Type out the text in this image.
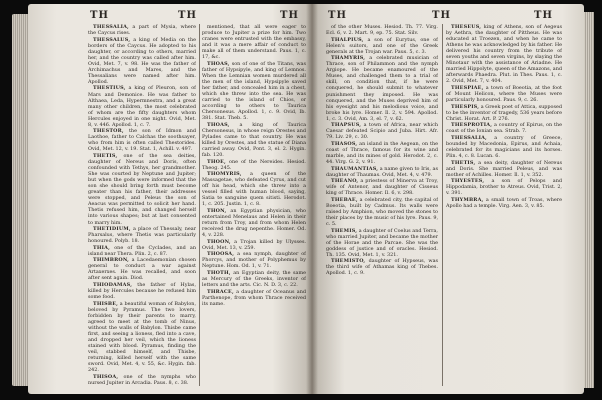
TH	TH	TH

THESSALIA, a part of Mysia, where the Caycus rises.

THESSALUS, a king of Media on the borders of the Caycus. He adopted to his daughter, or according to others, married her, and the country was called after him. Ovid, Met. 7, v. 98. He was the father of Archimachus and Mares, and the Thessalians were named after him. Apollod.

THESTIUS, a king of Pleuron, son of Mars and Demonice. He was father to Althaea, Leda, Hypermnestra, and a great many other children, the most celebrated of whom are the fifty daughters whom Hercules enjoyed in one night. Ovid, Met. 8, v. 446. Apollod. 1, c. 7.

THESTOR, the son of Idmon and Laothoe, father to Calchas the soothsayer, who from him is often called Thestorides. Ovid, Met. 12, v. 19. Stat. 1, Achill. v. 497.

THETIS, one of the sea deities, daughter of Nereus and Doris, often confounded with Tethys, her grandmother. She was courted by Neptune and Jupiter; but when the gods were informed that the son she should bring forth must become greater than his father, their addresses were stopped, and Peleus the son of Aeacus was permitted to solicit her hand. Thetis refused him, and changed herself into various shapes; but at last consented to marry him.

THETIDIUM, a place of Thessaly, near Pharsalus, where Thetis was particularly honoured. Polyb. 18.

THIA, one of the Cyclades, and an island near Thera. Plin. 2, c. 87.

THIMBRON, a Lacedaemonian chosen general to conduct a war against Artaxerxes. He was recalled, and soon after sent again. Diod.

THIODAMAS, the father of Hylas, killed by Hercules because he refused him some food.

THISBE, a beautiful woman of Babylon, beloved by Pyramus. The two lovers, forbidden by their parents to marry, agreed to meet at the tomb of Ninus, without the walls of Babylon. Thisbe came first, and seeing a lioness, fled into a cave, and dropped her veil, which the lioness stained with blood. Pyramus, finding the veil, stabbed himself, and Thisbe, returning, killed herself with the same sword. Ovid, Met. 4, v. 55, &c. Hygin. fab. 242.

THISOA, one of the nymphs who nursed Jupiter in Arcadia. Paus. 8, c. 38.

mentioned, that all were eager to produce to Jupiter a prize for him. Two cranes were entrusted with the embassy, and it was a mere affair of conduct to make all of them understand. Paus. 1, c. 17, &c.

THOAS, son of one of the Titans, was father of Hypsipyle, and king of Lemnos. When the Lemnian women murdered all the men of the island, Hypsipyle saved her father, and concealed him in a chest, which she threw into the sea. He was carried to the island of Chios, or according to others to Taurica Chersonesus. Apollod. 1, c. 9. Ovid, Ib. 381. Stat. Theb. 5.

THOAS, a king of Taurica Chersonesus, in whose reign Orestes and Pylades came to that country. He was killed by Orestes, and the statue of Diana carried away. Ovid, Pont. 3, el. 2. Hygin. fab. 120.

THOE, one of the Nereides. Hesiod. Theog. 245.

THOMYRIS, a queen of the Massagetae, who defeated Cyrus, and cut off his head, which she threw into a vessel filled with human blood, saying, Satia te sanguine quem sitisti. Herodot. 1, c. 205. Justin. 1, c. 8.

THON, an Egyptian physician, who entertained Menelaus and Helen in their return from Troy, and from whom Helen received the drug nepenthe. Homer. Od. 4, v. 228.

THOON, a Trojan killed by Ulysses. Ovid, Met. 13, v. 259.

THOOSA, a sea nymph, daughter of Phorcys, and mother of Polyphemus by Neptune. Hom. Od. 1, v. 71.

THOTH, an Egyptian deity, the same as Mercury of the Greeks, inventor of letters and the arts. Cic. N. D. 3, c. 22.

THRACE, a daughter of Oceanus and Parthenope, from whom Thrace received its name.

TH	TH	TH

of the other Muses. Hesiod. Th. 77. Virg. Ecl. 6, v. 2. Mart. 9, ep. 75. Stat. Silv.

THALPIUS, a son of Eurytus, one of Helen's suitors, and one of the Greek generals at the Trojan war. Paus. 5, c. 3.

THAMYRIS, a celebrated musician of Thrace, son of Philammon and the nymph Argiope. He became enamoured of the Muses, and challenged them to a trial of skill, on condition that, if he were conquered, he should submit to whatever punishment they imposed. He was conquered, and the Muses deprived him of his eyesight and his melodious voice, and broke his lyre. Homer. Il. 2, v. 594. Apollod. 1, c. 3. Ovid, Am. 3, el. 7, v. 62.

THAPSUS, a town of Africa, near which Caesar defeated Scipio and Juba. Hirt. Afr. 79. Liv. 29, c. 30.

THASOS, an island in the Aegean, on the coast of Thrace, famous for its wine and marble, and its mines of gold. Herodot. 2, c. 44. Virg. G. 2, v. 91.

THAUMANTIAS, a name given to Iris, as daughter of Thaumas. Ovid, Met. 4, v. 479.

THEANO, a priestess of Minerva at Troy, wife of Antenor, and daughter of Cisseus king of Thrace. Homer. Il. 6, v. 298.

THEBAE, a celebrated city, the capital of Boeotia, built by Cadmus. Its walls were raised by Amphion, who moved the stones to their places by the music of his lyre. Paus. 9, c. 5.

THEMIS, a daughter of Coelus and Terra, who married Jupiter, and became the mother of the Horae and the Parcae. She was the goddess of justice and of oracles. Hesiod. Th. 135. Ovid, Met. 1, v. 321.

THEMISTO, daughter of Hypseus, was the third wife of Athamas king of Thebes. Apollod. 1, c. 9.

THESEUS, king of Athens, son of Aegeus by Aethra, the daughter of Pittheus. He was educated at Troezen, and when he came to Athens he was acknowledged by his father. He delivered his country from the tribute of seven youths and seven virgins, by slaying the Minotaur with the assistance of Ariadne. He married Hippolyte, queen of the Amazons, and afterwards Phaedra. Plut. in Thes. Paus. 1, c. 2. Ovid, Met. 7, v. 404.

THESPIAE, a town of Boeotia, at the foot of Mount Helicon, where the Muses were particularly honoured. Paus. 9, c. 26.

THESPIS, a Greek poet of Attica, supposed to be the inventor of tragedy, 536 years before Christ. Horat. Art. P. 276.

THESPROTIA, a country of Epirus, on the coast of the Ionian sea. Strab. 7.

THESSALIA, a country of Greece, bounded by Macedonia, Epirus, and Achaia, celebrated for its magicians and its horses. Plin. 4, c. 8. Lucan. 6.

THETIS, a sea deity, daughter of Nereus and Doris. She married Peleus, and was mother of Achilles. Homer. Il. 1, v. 352.

THYESTES, a son of Pelops and Hippodamia, brother to Atreus. Ovid, Trist. 2, v. 391.

THYMBRA, a small town of Troas, where Apollo had a temple. Virg. Aen. 3, v. 85.
